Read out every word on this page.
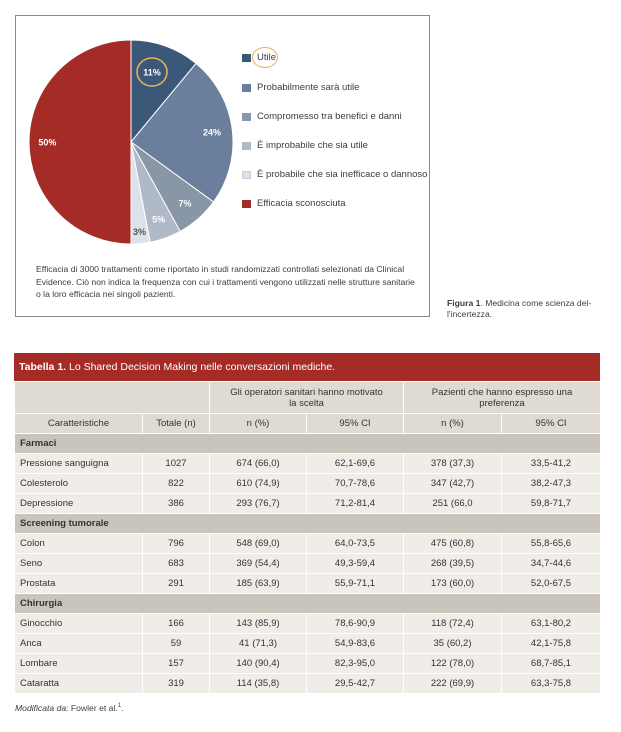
11%
24%
7%
5%
3%
50%
Utile
Probabilmente sarà utile
Compromesso tra benefici e danni
È improbabile che sia utile
È probabile che sia inefficace o dannoso
Efficacia sconosciuta
Efficacia di 3000 trattamenti come riportato in studi randomizzati controllati selezionati da Clinical Evidence. Ciò non indica la frequenza con cui i trattamenti vengono utilizzati nelle strutture sanitarie o la loro efficacia nei singoli pazienti.
Figura 1. Medicina come scienza del-l'incertezza.
Tabella 1. Lo Shared Decision Making nelle conversazioni mediche.
		Gli operatori sanitari hanno motivato la scelta		Pazienti che hanno espresso una preferenza	
Caratteristiche	Totale (n)	n (%)	95% CI	n (%)	95% CI
Farmaci					
Pressione sanguigna	1027	674 (66,0)	62,1-69,6	378 (37,3)	33,5-41,2
Colesterolo	822	610 (74,9)	70,7-78,6	347 (42,7)	38,2-47,3
Depressione	386	293 (76,7)	71,2-81,4	251 (66,0	59,8-71,7
Screening tumorale					
Colon	796	548 (69,0)	64,0-73,5	475 (60,8)	55,8-65,6
Seno	683	369 (54,4)	49,3-59,4	268 (39,5)	34,7-44,6
Prostata	291	185 (63,9)	55,9-71,1	173 (60,0)	52,0-67,5
Chirurgia					
Ginocchio	166	143 (85,9)	78,6-90,9	118 (72,4)	63,1-80,2
Anca	59	41 (71,3)	54,9-83,6	35 (60,2)	42,1-75,8
Lombare	157	140 (90,4)	82,3-95,0	122 (78,0)	68,7-85,1
Cataratta	319	114 (35,8)	29,5-42,7	222 (69,9)	63,3-75,8
Modificata da: Fowler et al.$^1$.
